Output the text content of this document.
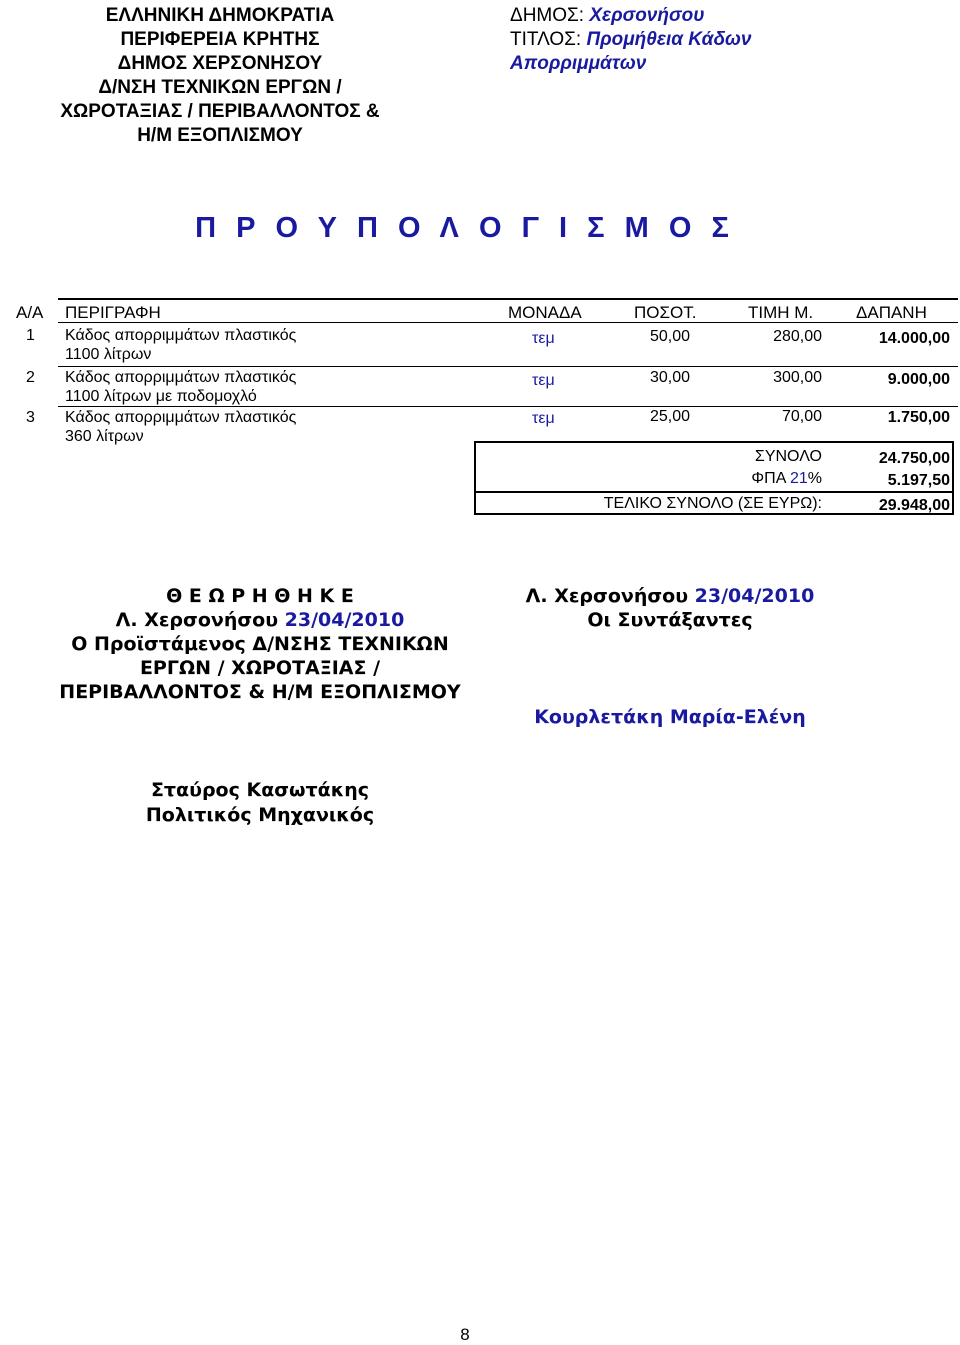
ΕΛΛΗΝΙΚΗ ΔΗΜΟΚΡΑΤΙΑ
ΠΕΡΙΦΕΡΕΙΑ ΚΡΗΤΗΣ
ΔΗΜΟΣ ΧΕΡΣΟΝΗΣΟΥ
Δ/ΝΣΗ ΤΕΧΝΙΚΩΝ ΕΡΓΩΝ /
ΧΩΡΟΤΑΞΙΑΣ / ΠΕΡΙΒΑΛΛΟΝΤΟΣ &
Η/Μ ΕΞΟΠΛΙΣΜΟΥ
ΔΗΜΟΣ: Χερσονήσου
ΤΙΤΛΟΣ: Προμήθεια Κάδων
Απορριμμάτων
Π Ρ Ο Υ Π Ο Λ Ο Γ Ι Σ Μ Ο Σ
Α/Α ΠΕΡΙΓΡΑΦΗ	ΜΟΝΑΔΑ	ΠΟΣΟΤ.	ΤΙΜΗ Μ.	ΔΑΠΑΝΗ
1 Κάδος απορριμμάτων πλαστικός
1100 λίτρων
τεμ	50,00	280,00	14.000,00
2 Κάδος απορριμμάτων πλαστικός
1100 λίτρων με ποδομοχλό
τεμ	30,00	300,00	9.000,00
3 Κάδος απορριμμάτων πλαστικός
360 λίτρων
τεμ	25,00	70,00	1.750,00
ΣΥΝΟΛΟ	24.750,00
ΦΠΑ 21%	5.197,50
ΤΕΛΙΚΟ ΣΥΝΟΛΟ (ΣΕ ΕΥΡΩ):	29.948,00
Θ Ε Ω Ρ Η Θ Η Κ Ε
Λ. Χερσονήσου 23/04/2010
Ο Προϊστάμενος Δ/ΝΣΗΣ ΤΕΧΝΙΚΩΝ
ΕΡΓΩΝ / ΧΩΡΟΤΑΞΙΑΣ /
ΠΕΡΙΒΑΛΛΟΝΤΟΣ & Η/Μ ΕΞΟΠΛΙΣΜΟΥ
Σταύρος Κασωτάκης
Πολιτικός Μηχανικός
Λ. Χερσονήσου 23/04/2010
Οι Συντάξαντες
Κουρλετάκη Μαρία-Ελένη
8
